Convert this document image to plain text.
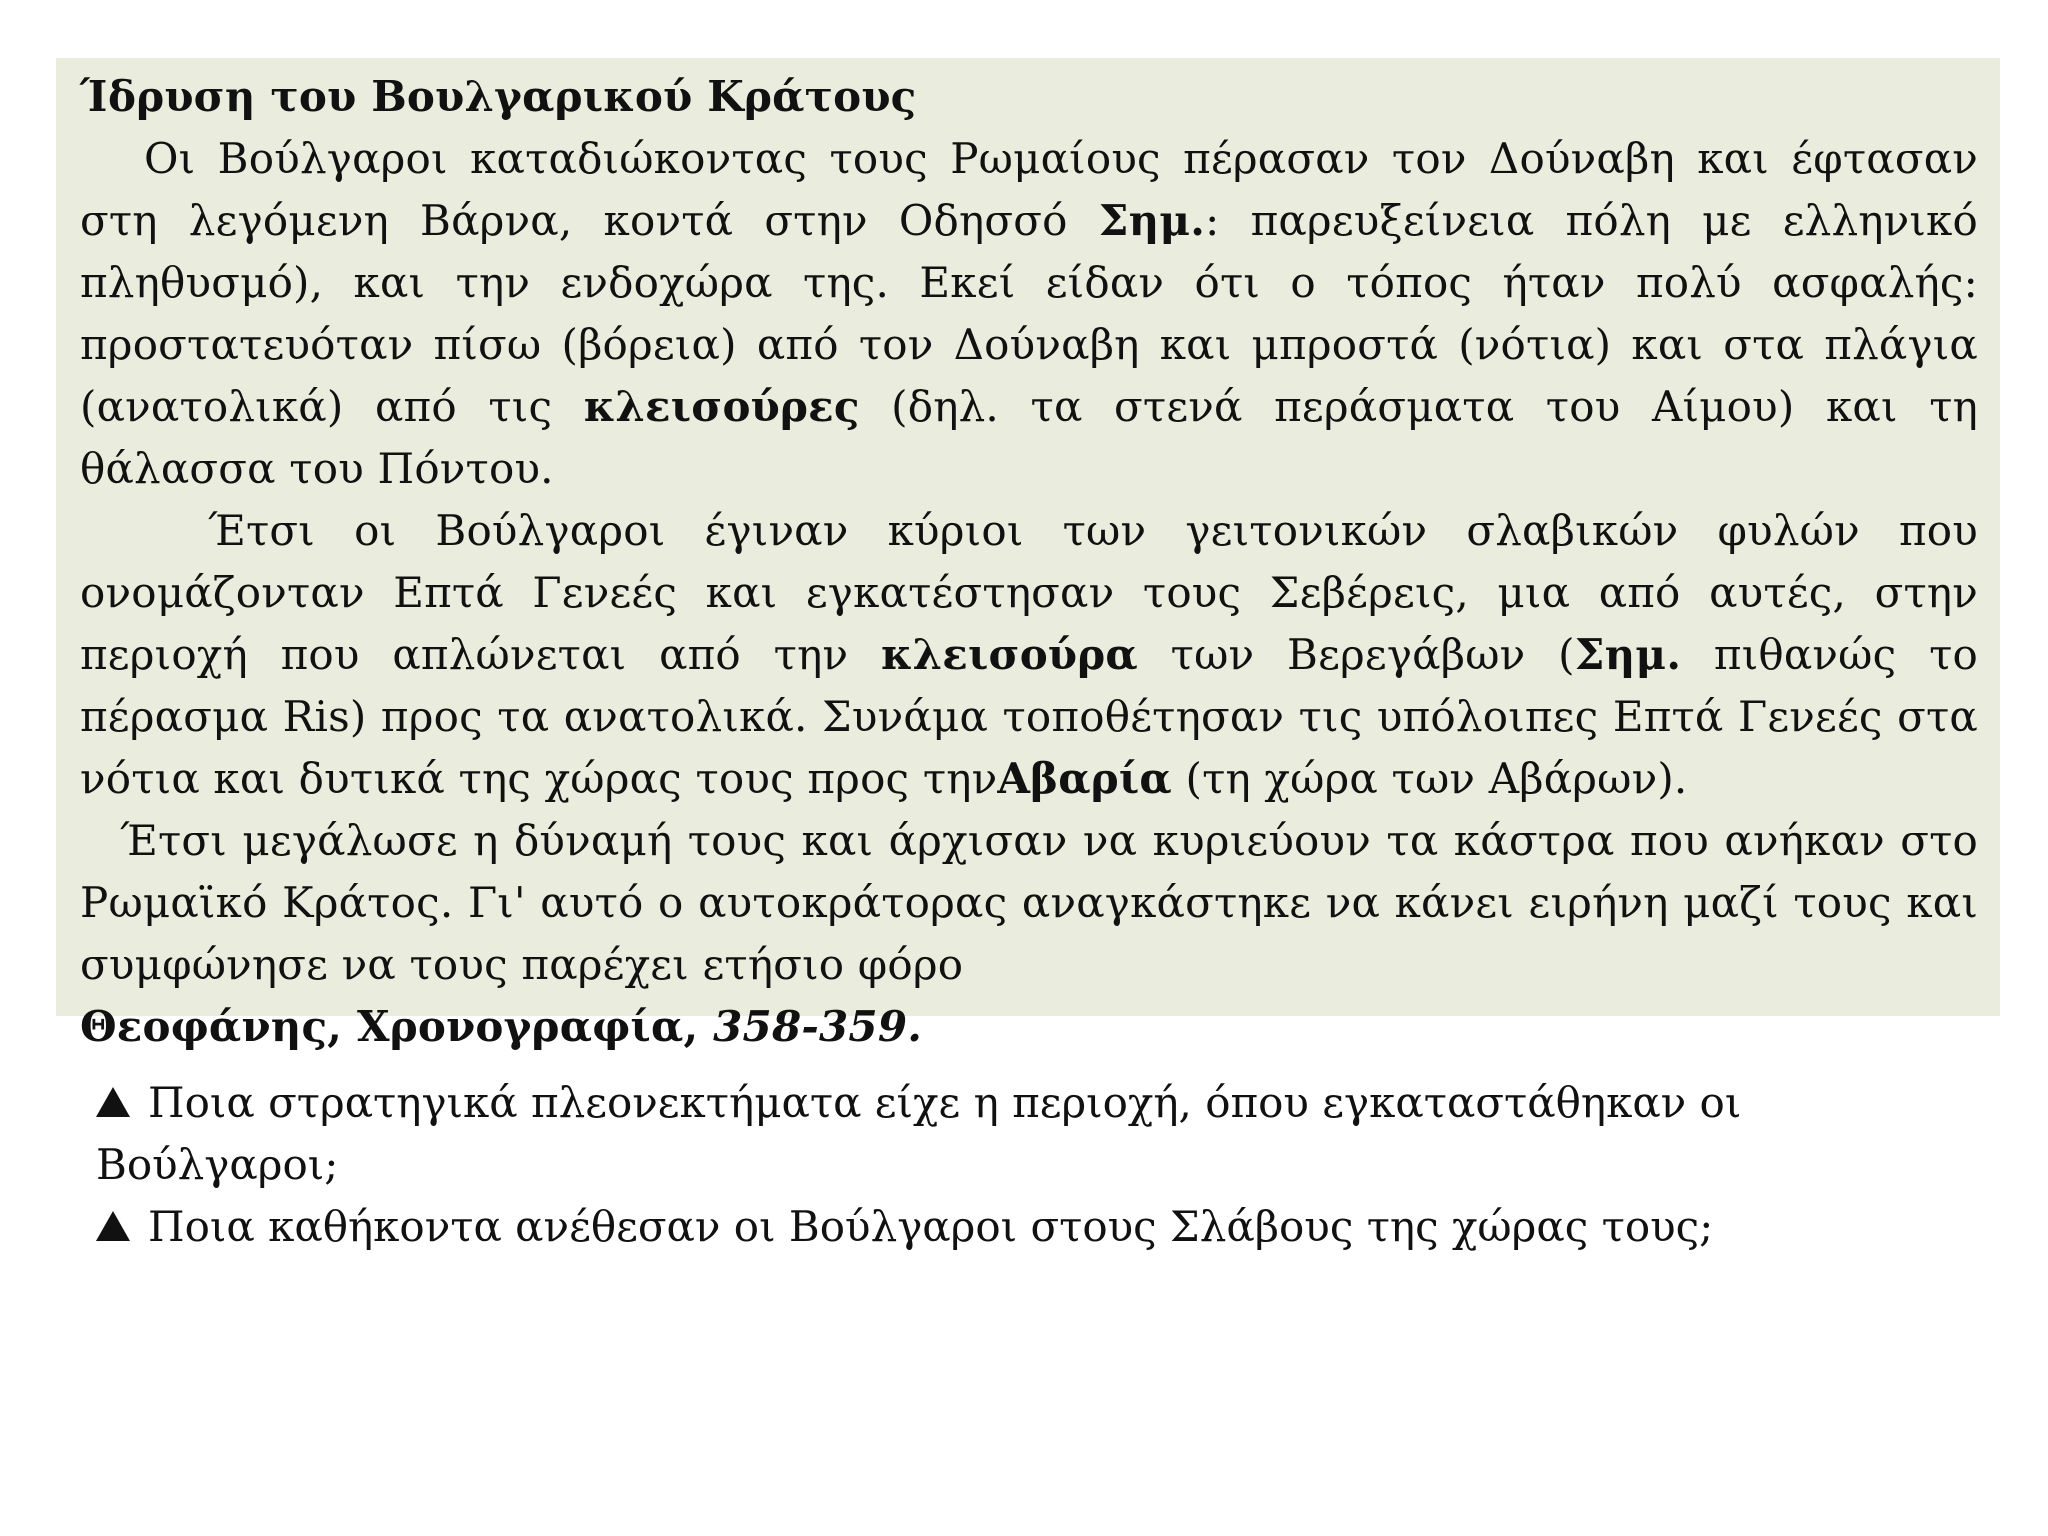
Ίδρυση του Βουλγαρικού Κράτους

Οι Βούλγαροι καταδιώκοντας τους Ρωμαίους πέρασαν τον Δούναβη και έφτασαν στη λεγόμενη Βάρνα, κοντά στην Οδησσό Σημ.: παρευξείνεια πόλη με ελληνικό πληθυσμό), και την ενδοχώρα της. Εκεί είδαν ότι ο τόπος ήταν πολύ ασφαλής: προστατευόταν πίσω (βόρεια) από τον Δούναβη και μπροστά (νότια) και στα πλάγια (ανατολικά) από τις κλεισούρες (δηλ. τα στενά περάσματα του Αίμου) και τη θάλασσα του Πόντου.

Έτσι οι Βούλγαροι έγιναν κύριοι των γειτονικών σλαβικών φυλών που ονομάζονταν Επτά Γενεές και εγκατέστησαν τους Σεβέρεις, μια από αυτές, στην περιοχή που απλώνεται από την κλεισούρα των Βερεγάβων (Σημ. πιθανώς το πέρασμα Ris) προς τα ανατολικά. Συνάμα τοποθέτησαν τις υπόλοιπες Επτά Γενεές στα νότια και δυτικά της χώρας τους προς τηνΑβαρία (τη χώρα των Αβάρων).

Έτσι μεγάλωσε η δύναμή τους και άρχισαν να κυριεύουν τα κάστρα που ανήκαν στο Ρωμαϊκό Κράτος. Γι' αυτό ο αυτοκράτορας αναγκάστηκε να κάνει ειρήνη μαζί τους και συμφώνησε να τους παρέχει ετήσιο φόρο

Θεοφάνης, Χρονογραφία, 358-359.

Ποια στρατηγικά πλεονεκτήματα είχε η περιοχή, όπου εγκαταστάθηκαν οι Βούλγαροι;

Ποια καθήκοντα ανέθεσαν οι Βούλγαροι στους Σλάβους της χώρας τους;
